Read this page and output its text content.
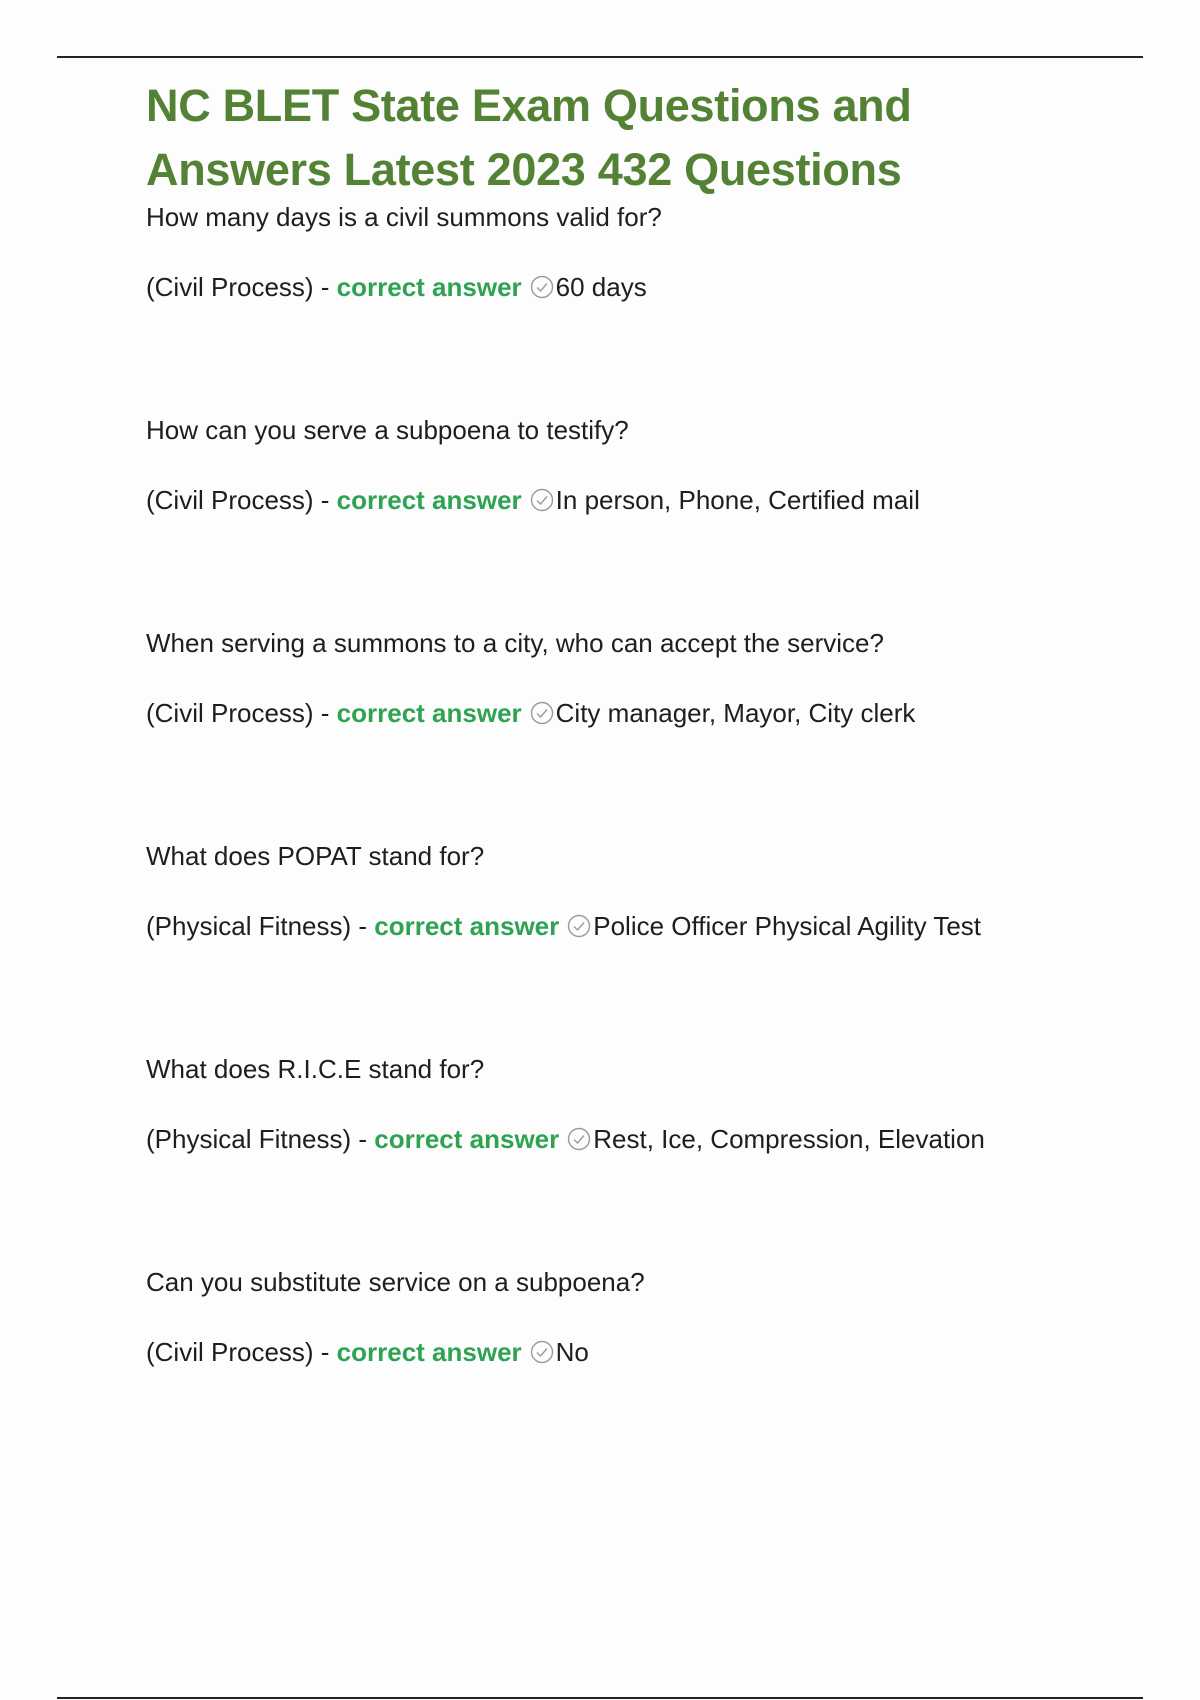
NC BLET State Exam Questions and Answers Latest 2023 432 Questions

How many days is a civil summons valid for?

(Civil Process) - correct answer 60 days

How can you serve a subpoena to testify?

(Civil Process) - correct answer In person, Phone, Certified mail

When serving a summons to a city, who can accept the service?

(Civil Process) - correct answer City manager, Mayor, City clerk

What does POPAT stand for?

(Physical Fitness) - correct answer Police Officer Physical Agility Test

What does R.I.C.E stand for?

(Physical Fitness) - correct answer Rest, Ice, Compression, Elevation

Can you substitute service on a subpoena?

(Civil Process) - correct answer No
